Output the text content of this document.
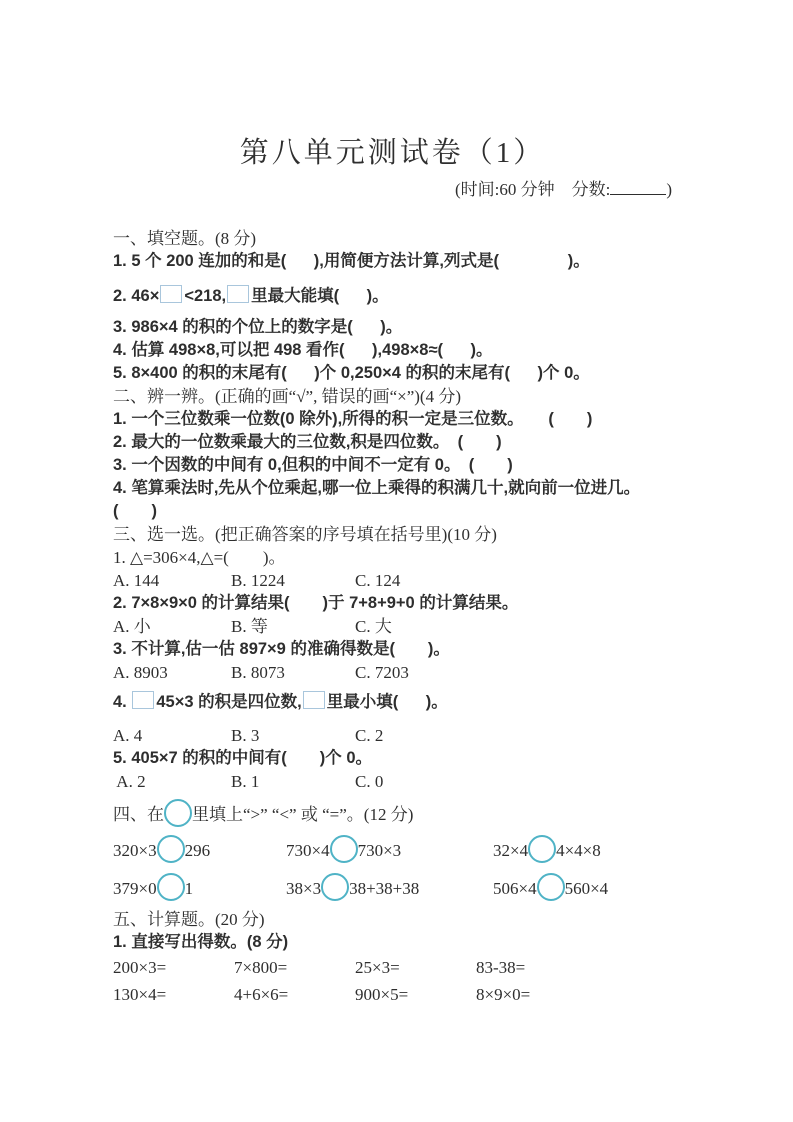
第八单元测试卷（1）
(时间:60 分钟　分数:	)
一、填空题。(8 分)
1. 5 个 200 连加的和是(      ),用简便方法计算,列式是(               )。
2. 46× <218, 里最大能填(      )。
3. 986×4 的积的个位上的数字是(      )。
4. 估算 498×8,可以把 498 看作(      ),498×8≈(      )。
5. 8×400 的积的末尾有(      )个 0,250×4 的积的末尾有(      )个 0。
二、辨一辨。(正确的画“√”, 错误的画“×”)(4 分)
1. 一个三位数乘一位数(0 除外),所得的积一定是三位数。　　(　　)
2. 最大的一位数乘最大的三位数,积是四位数。　(　　)
3. 一个因数的中间有 0,但积的中间不一定有 0。　(　　)
4. 笔算乘法时,先从个位乘起,哪一位上乘得的积满几十,就向前一位进几。(　　)
三、选一选。(把正确答案的序号填在括号里)(10 分)
1. △=306×4,△=(　　)。
A. 144	B. 1224	C. 124
2. 7×8×9×0 的计算结果(　　)于 7+8+9+0 的计算结果。
A. 小	B. 等	C. 大
3. 不计算,估一估 897×9 的准确得数是(　　)。
A. 8903	B. 8073	C. 7203
4. 45×3 的积是四位数, 里最小填(      )。
A. 4	B. 3	C. 2
5. 405×7 的积的中间有(　　)个 0。
A. 2	B. 1	C. 0
四、在 里填上“>” “<” 或 “=”。(12 分)
320×3 296	730×4 730×3	32×4 4×4×8
379×0 1	38×3 38+38+38	506×4 560×4
五、计算题。(20 分)
1. 直接写出得数。(8 分)
200×3=	7×800=	25×3=	83-38=
130×4=	4+6×6=	900×5=	8×9×0=
